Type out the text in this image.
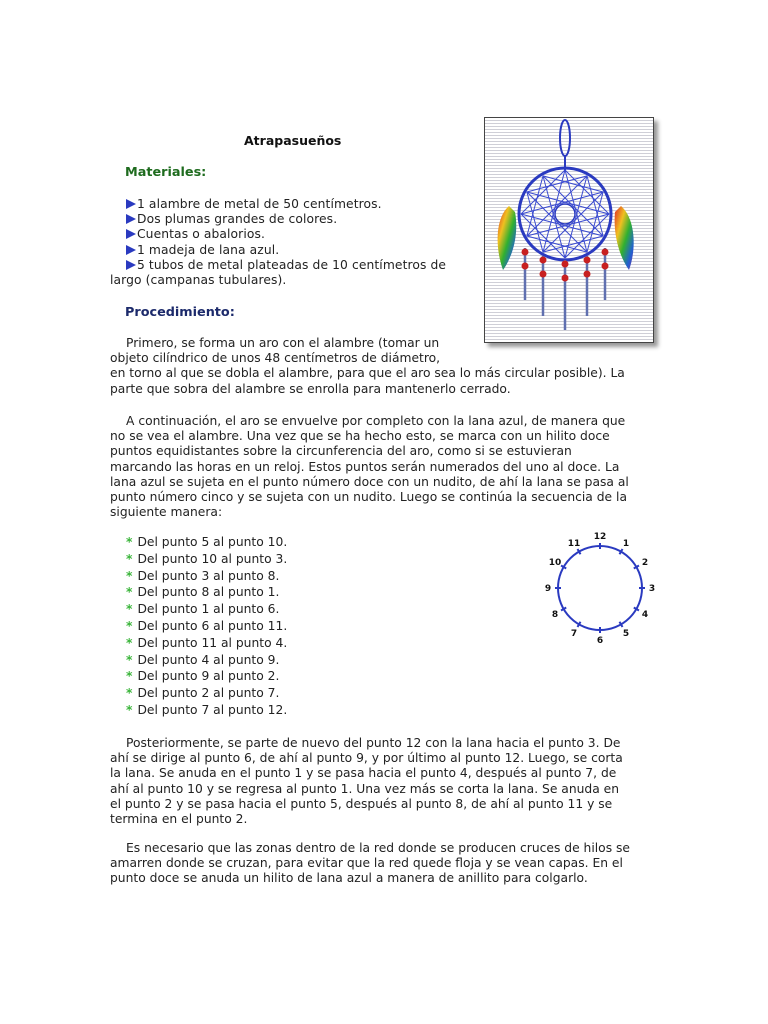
Atrapasueños
Materiales:
1 alambre de metal de 50 centímetros.
Dos plumas grandes de colores.
Cuentas o abalorios.
1 madeja de lana azul.
5 tubos de metal plateadas de 10 centímetros de
largo (campanas tubulares).
Procedimiento:
Primero, se forma un aro con el alambre (tomar un
objeto cilíndrico de unos 48 centímetros de diámetro,
en torno al que se dobla el alambre, para que el aro sea lo más circular posible). La
parte que sobra del alambre se enrolla para mantenerlo cerrado.
A continuación, el aro se envuelve por completo con la lana azul, de manera que
no se vea el alambre. Una vez que se ha hecho esto, se marca con un hilito doce
puntos equidistantes sobre la circunferencia del aro, como si se estuvieran
marcando las horas en un reloj. Estos puntos serán numerados del uno al doce. La
lana azul se sujeta en el punto número doce con un nudito, de ahí la lana se pasa al
punto número cinco y se sujeta con un nudito. Luego se continúa la secuencia de la
siguiente manera:
* Del punto 5 al punto 10.
* Del punto 10 al punto 3.
* Del punto 3 al punto 8.
* Del punto 8 al punto 1.
* Del punto 1 al punto 6.
* Del punto 6 al punto 11.
* Del punto 11 al punto 4.
* Del punto 4 al punto 9.
* Del punto 9 al punto 2.
* Del punto 2 al punto 7.
* Del punto 7 al punto 12.
12
1
2
3
4
5
6
7
8
9
10
11
Posteriormente, se parte de nuevo del punto 12 con la lana hacia el punto 3. De
ahí se dirige al punto 6, de ahí al punto 9, y por último al punto 12. Luego, se corta
la lana. Se anuda en el punto 1 y se pasa hacia el punto 4, después al punto 7, de
ahí al punto 10 y se regresa al punto 1. Una vez más se corta la lana. Se anuda en
el punto 2 y se pasa hacia el punto 5, después al punto 8, de ahí al punto 11 y se
termina en el punto 2.
Es necesario que las zonas dentro de la red donde se producen cruces de hilos se
amarren donde se cruzan, para evitar que la red quede floja y se vean capas. En el
punto doce se anuda un hilito de lana azul a manera de anillito para colgarlo.
